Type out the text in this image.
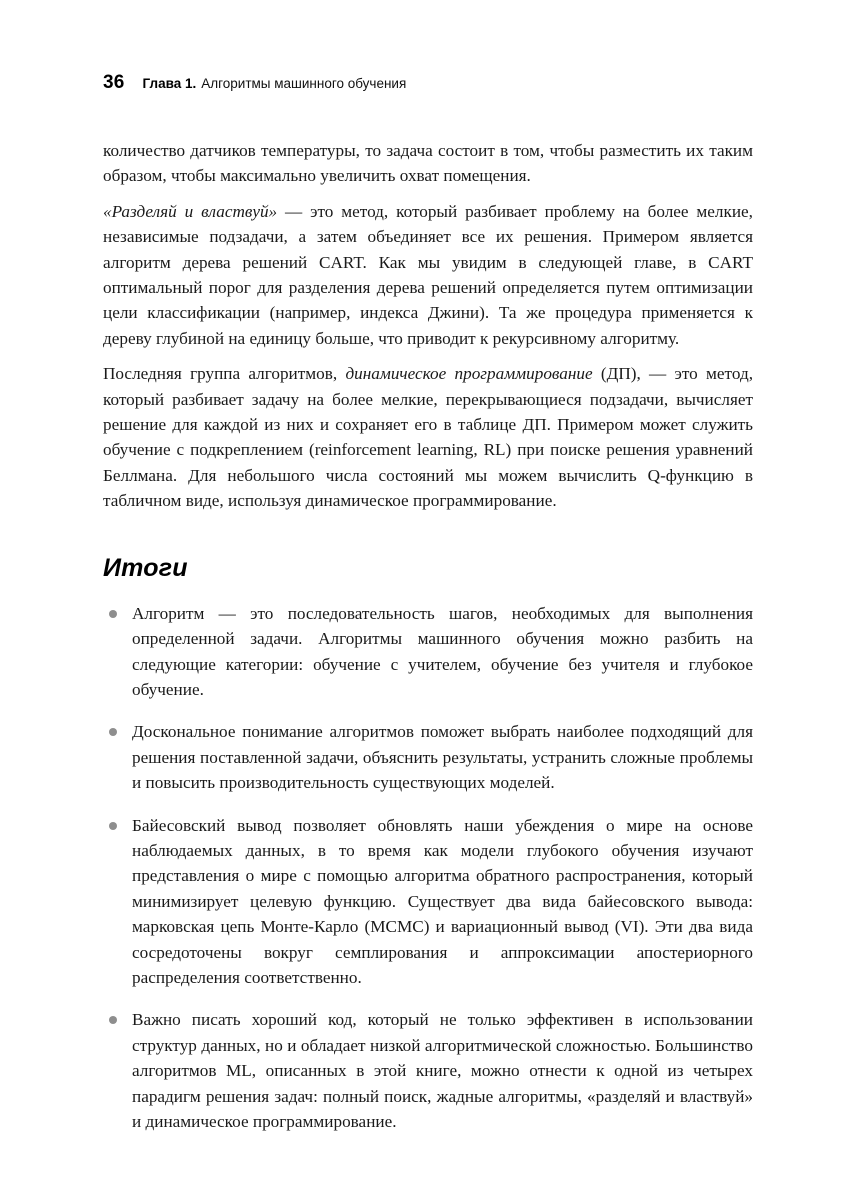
36 Глава 1. Алгоритмы машинного обучения

количество датчиков температуры, то задача состоит в том, чтобы разместить их таким образом, чтобы максимально увеличить охват помещения.

«Разделяй и властвуй» — это метод, который разбивает проблему на более мелкие, независимые подзадачи, а затем объединяет все их решения. Примером является алгоритм дерева решений CART. Как мы увидим в следующей главе, в CART оптимальный порог для разделения дерева решений определяется путем оптимизации цели классификации (например, индекса Джини). Та же процедура применяется к дереву глубиной на единицу больше, что приводит к рекурсивному алгоритму.

Последняя группа алгоритмов, динамическое программирование (ДП), — это метод, который разбивает задачу на более мелкие, перекрывающиеся подзадачи, вычисляет решение для каждой из них и сохраняет его в таблице ДП. Примером может служить обучение с подкреплением (reinforcement learning, RL) при поиске решения уравнений Беллмана. Для небольшого числа состояний мы можем вычислить Q-функцию в табличном виде, используя динамическое программирование.

Итоги
Алгоритм — это последовательность шагов, необходимых для выполнения определенной задачи. Алгоритмы машинного обучения можно разбить на следующие категории: обучение с учителем, обучение без учителя и глубокое обучение.
Доскональное понимание алгоритмов поможет выбрать наиболее подходящий для решения поставленной задачи, объяснить результаты, устранить сложные проблемы и повысить производительность существующих моделей.
Байесовский вывод позволяет обновлять наши убеждения о мире на основе наблюдаемых данных, в то время как модели глубокого обучения изучают представления о мире с помощью алгоритма обратного распространения, который минимизирует целевую функцию. Существует два вида байесовского вывода: марковская цепь Монте-Карло (MCMC) и вариационный вывод (VI). Эти два вида сосредоточены вокруг семплирования и аппроксимации апостериорного распределения соответственно.
Важно писать хороший код, который не только эффективен в использовании структур данных, но и обладает низкой алгоритмической сложностью. Большинство алгоритмов ML, описанных в этой книге, можно отнести к одной из четырех парадигм решения задач: полный поиск, жадные алгоритмы, «разделяй и властвуй» и динамическое программирование.
